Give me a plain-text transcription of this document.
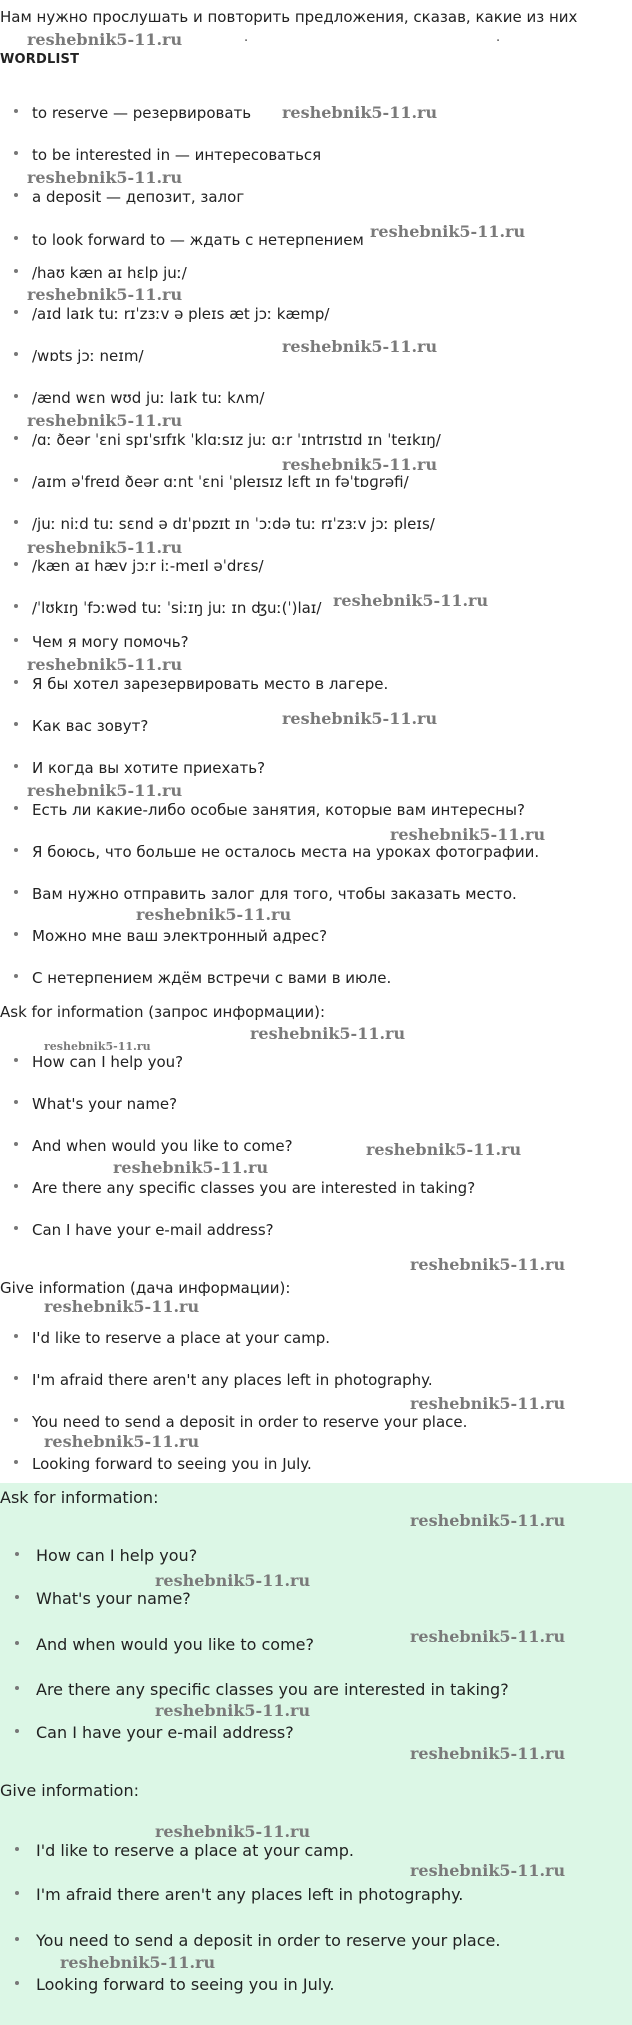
Нам нужно прослушать и повторить предложения, сказав, какие из них
.	.
WORDLIST
to reserve — резервировать
to be interested in — интересоваться
a deposit — депозит, залог
to look forward to — ждать с нетерпением
/haʊ kæn aɪ hɛlp juː/
/aɪd laɪk tuː rɪˈzɜːv ə pleɪs æt jɔː kæmp/
/wɒts jɔː neɪm/
/ænd wɛn wʊd juː laɪk tuː kʌm/
/ɑː ðeər ˈɛni spɪˈsɪfɪk ˈklɑːsɪz juː ɑːr ˈɪntrɪstɪd ɪn ˈteɪkɪŋ/
/aɪm əˈfreɪd ðeər ɑːnt ˈɛni ˈpleɪsɪz lɛft ɪn fəˈtɒɡrəfi/
/juː niːd tuː sɛnd ə dɪˈpɒzɪt ɪn ˈɔːdə tuː rɪˈzɜːv jɔː pleɪs/
/kæn aɪ hæv jɔːr iː-meɪl əˈdrɛs/
/ˈlʊkɪŋ ˈfɔːwəd tuː ˈsiːɪŋ juː ɪn ʤuː(ˈ)laɪ/
Чем я могу помочь?
Я бы хотел зарезервировать место в лагере.
Как вас зовут?
И когда вы хотите приехать?
Есть ли какие-либо особые занятия, которые вам интересны?
Я боюсь, что больше не осталось места на уроках фотографии.
Вам нужно отправить залог для того, чтобы заказать место.
Можно мне ваш электронный адрес?
С нетерпением ждём встречи с вами в июле.
Ask for information (запрос информации):
How can I help you?
What's your name?
And when would you like to come?
Are there any specific classes you are interested in taking?
Can I have your e-mail address?
Give information (дача информации):
I'd like to reserve a place at your camp.
I'm afraid there aren't any places left in photography.
You need to send a deposit in order to reserve your place.
Looking forward to seeing you in July.
Ask for information:
How can I help you?
What's your name?
And when would you like to come?
Are there any specific classes you are interested in taking?
Can I have your e-mail address?
Give information:
I'd like to reserve a place at your camp.
I'm afraid there aren't any places left in photography.
You need to send a deposit in order to reserve your place.
Looking forward to seeing you in July.
reshebnik5-11.ru
reshebnik5-11.ru
reshebnik5-11.ru
reshebnik5-11.ru
reshebnik5-11.ru
reshebnik5-11.ru
reshebnik5-11.ru
reshebnik5-11.ru
reshebnik5-11.ru
reshebnik5-11.ru
reshebnik5-11.ru
reshebnik5-11.ru
reshebnik5-11.ru
reshebnik5-11.ru
reshebnik5-11.ru
reshebnik5-11.ru
reshebnik5-11.ru
reshebnik5-11.ru
reshebnik5-11.ru
reshebnik5-11.ru
reshebnik5-11.ru
reshebnik5-11.ru
reshebnik5-11.ru
reshebnik5-11.ru
reshebnik5-11.ru
reshebnik5-11.ru
reshebnik5-11.ru
reshebnik5-11.ru
reshebnik5-11.ru
reshebnik5-11.ru
reshebnik5-11.ru
